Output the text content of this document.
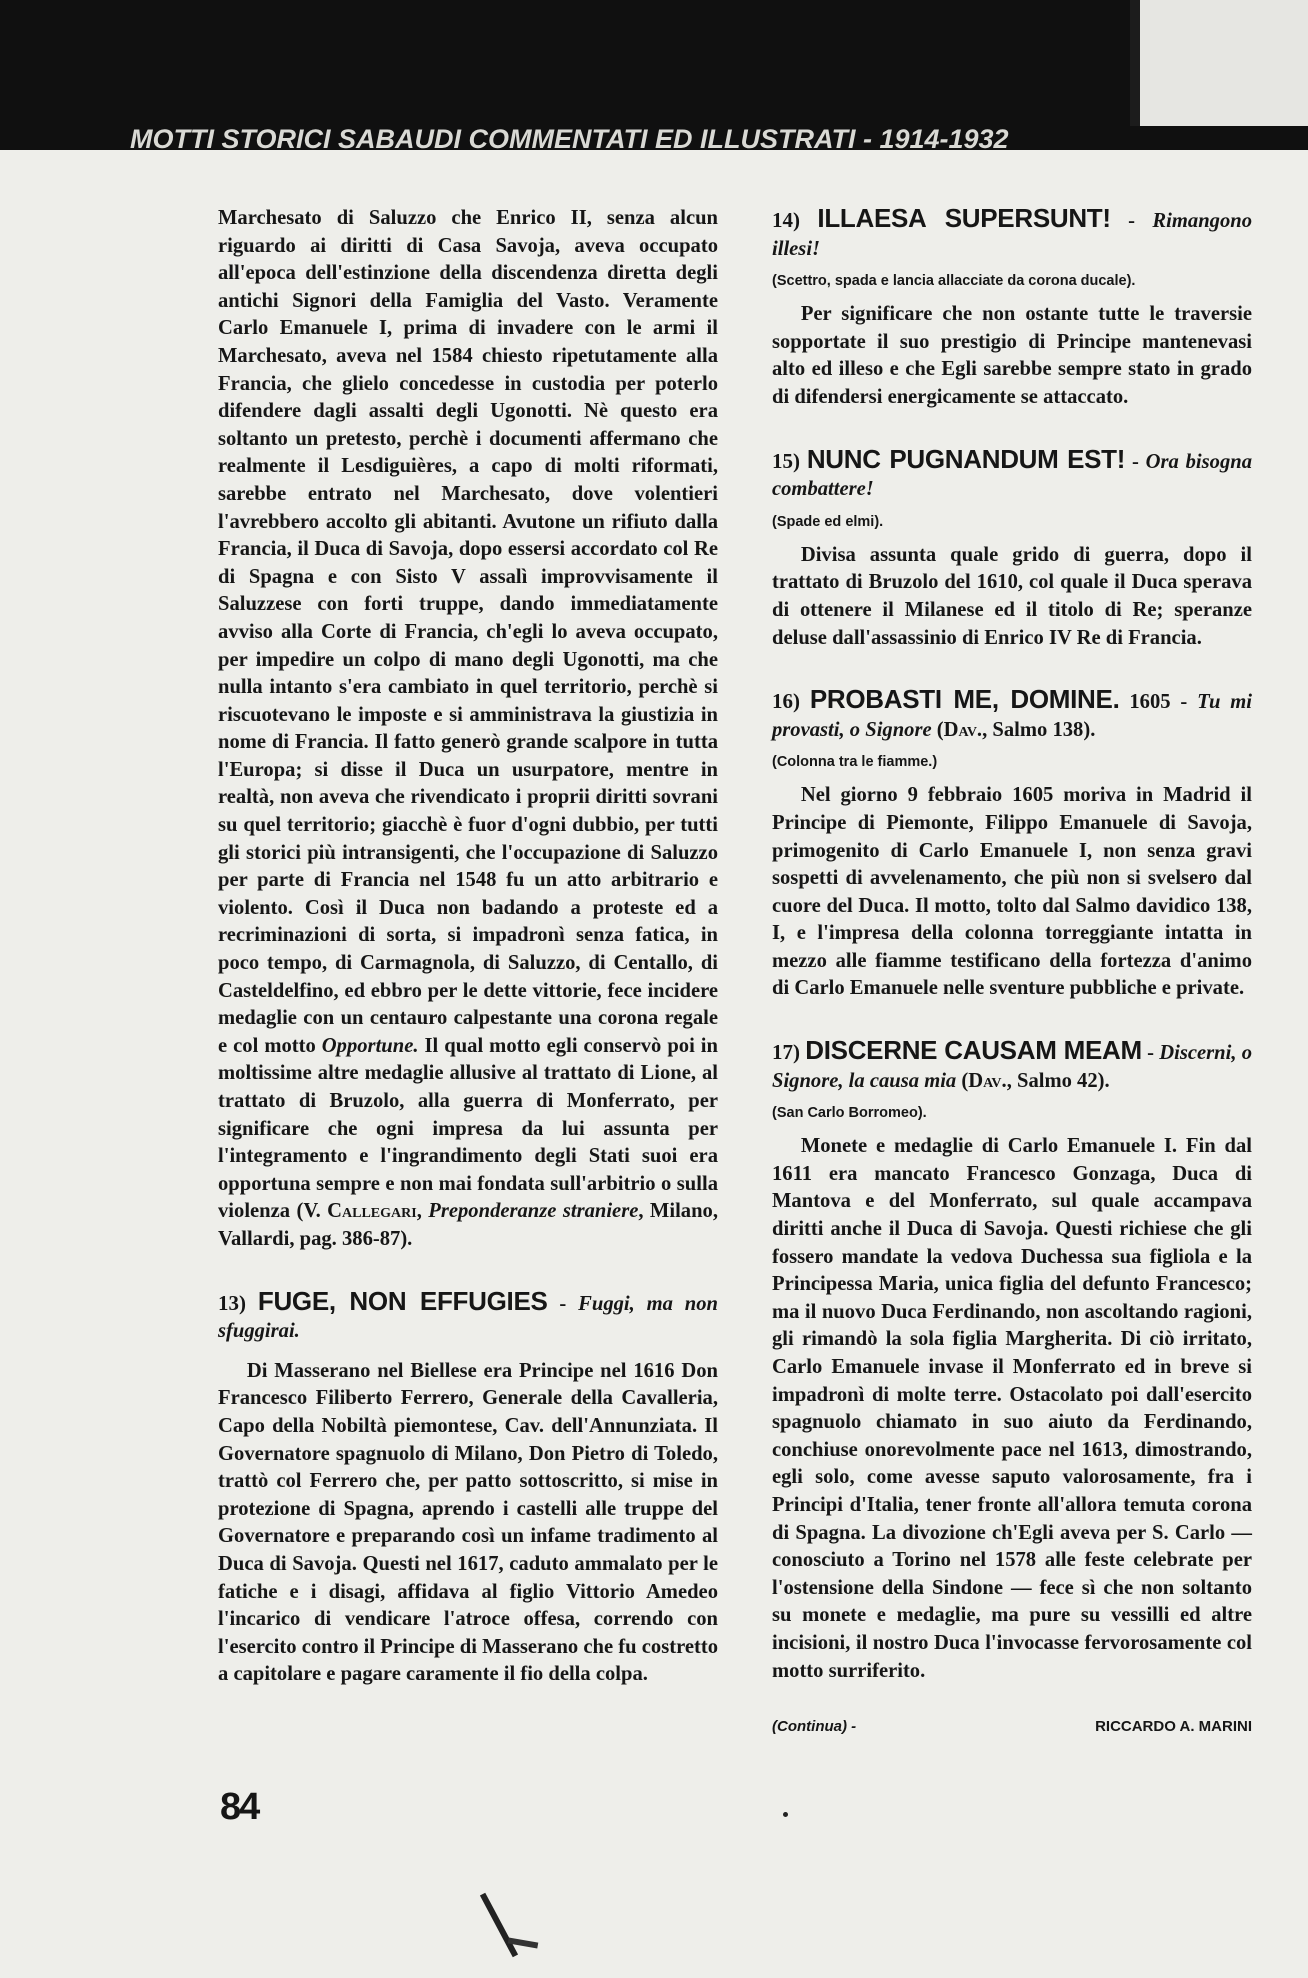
MOTTI STORICI SABAUDI COMMENTATI ED ILLUSTRATI - 1914-1932

Marchesato di Saluzzo che Enrico II, senza alcun riguardo ai diritti di Casa Savoja, aveva occupato all'epoca dell'estinzione della discendenza diretta degli antichi Signori della Famiglia del Vasto. Veramente Carlo Emanuele I, prima di invadere con le armi il Marchesato, aveva nel 1584 chiesto ripetutamente alla Francia, che glielo concedesse in custodia per poterlo difendere dagli assalti degli Ugonotti. Nè questo era soltanto un pretesto, perchè i documenti affermano che realmente il Lesdiguières, a capo di molti riformati, sarebbe entrato nel Marchesato, dove volentieri l'avrebbero accolto gli abitanti. Avutone un rifiuto dalla Francia, il Duca di Savoja, dopo essersi accordato col Re di Spagna e con Sisto V assalì improvvisamente il Saluzzese con forti truppe, dando immediatamente avviso alla Corte di Francia, ch'egli lo aveva occupato, per impedire un colpo di mano degli Ugonotti, ma che nulla intanto s'era cambiato in quel territorio, perchè si riscuotevano le imposte e si amministrava la giustizia in nome di Francia. Il fatto generò grande scalpore in tutta l'Europa; si disse il Duca un usurpatore, mentre in realtà, non aveva che rivendicato i proprii diritti sovrani su quel territorio; giacchè è fuor d'ogni dubbio, per tutti gli storici più intransigenti, che l'occupazione di Saluzzo per parte di Francia nel 1548 fu un atto arbitrario e violento. Così il Duca non badando a proteste ed a recriminazioni di sorta, si impadronì senza fatica, in poco tempo, di Carmagnola, di Saluzzo, di Centallo, di Casteldelfino, ed ebbro per le dette vittorie, fece incidere medaglie con un centauro calpestante una corona regale e col motto Opportune. Il qual motto egli conservò poi in moltissime altre medaglie allusive al trattato di Lione, al trattato di Bruzolo, alla guerra di Monferrato, per significare che ogni impresa da lui assunta per l'integramento e l'ingrandimento degli Stati suoi era opportuna sempre e non mai fondata sull'arbitrio o sulla violenza (V. Callegari, Preponderanze straniere, Milano, Vallardi, pag. 386-87).

13) FUGE, NON EFFUGIES - Fuggi, ma non sfuggirai.

Di Masserano nel Biellese era Principe nel 1616 Don Francesco Filiberto Ferrero, Generale della Cavalleria, Capo della Nobiltà piemontese, Cav. dell'Annunziata. Il Governatore spagnuolo di Milano, Don Pietro di Toledo, trattò col Ferrero che, per patto sottoscritto, si mise in protezione di Spagna, aprendo i castelli alle truppe del Governatore e preparando così un infame tradimento al Duca di Savoja. Questi nel 1617, caduto ammalato per le fatiche e i disagi, affidava al figlio Vittorio Amedeo l'incarico di vendicare l'atroce offesa, correndo con l'esercito contro il Principe di Masserano che fu costretto a capitolare e pagare caramente il fio della colpa.

14) ILLAESA SUPERSUNT! - Rimangono illesi!

(Scettro, spada e lancia allacciate da corona ducale).

Per significare che non ostante tutte le traversie sopportate il suo prestigio di Principe mantenevasi alto ed illeso e che Egli sarebbe sempre stato in grado di difendersi energicamente se attaccato.

15) NUNC PUGNANDUM EST! - Ora bisogna combattere!

(Spade ed elmi).

Divisa assunta quale grido di guerra, dopo il trattato di Bruzolo del 1610, col quale il Duca sperava di ottenere il Milanese ed il titolo di Re; speranze deluse dall'assassinio di Enrico IV Re di Francia.

16) PROBASTI ME, DOMINE. 1605 - Tu mi provasti, o Signore (Dav., Salmo 138).

(Colonna tra le fiamme.)

Nel giorno 9 febbraio 1605 moriva in Madrid il Principe di Piemonte, Filippo Emanuele di Savoja, primogenito di Carlo Emanuele I, non senza gravi sospetti di avvelenamento, che più non si svelsero dal cuore del Duca. Il motto, tolto dal Salmo davidico 138, I, e l'impresa della colonna torreggiante intatta in mezzo alle fiamme testificano della fortezza d'animo di Carlo Emanuele nelle sventure pubbliche e private.

17) DISCERNE CAUSAM MEAM - Discerni, o Signore, la causa mia (Dav., Salmo 42).

(San Carlo Borromeo).

Monete e medaglie di Carlo Emanuele I. Fin dal 1611 era mancato Francesco Gonzaga, Duca di Mantova e del Monferrato, sul quale accampava diritti anche il Duca di Savoja. Questi richiese che gli fossero mandate la vedova Duchessa sua figliola e la Principessa Maria, unica figlia del defunto Francesco; ma il nuovo Duca Ferdinando, non ascoltando ragioni, gli rimandò la sola figlia Margherita. Di ciò irritato, Carlo Emanuele invase il Monferrato ed in breve si impadronì di molte terre. Ostacolato poi dall'esercito spagnuolo chiamato in suo aiuto da Ferdinando, conchiuse onorevolmente pace nel 1613, dimostrando, egli solo, come avesse saputo valorosamente, fra i Principi d'Italia, tener fronte all'allora temuta corona di Spagna. La divozione ch'Egli aveva per S. Carlo — conosciuto a Torino nel 1578 alle feste celebrate per l'ostensione della Sindone — fece sì che non soltanto su monete e medaglie, ma pure su vessilli ed altre incisioni, il nostro Duca l'invocasse fervorosamente col motto surriferito.

(Continua) -	RICCARDO A. MARINI
84
